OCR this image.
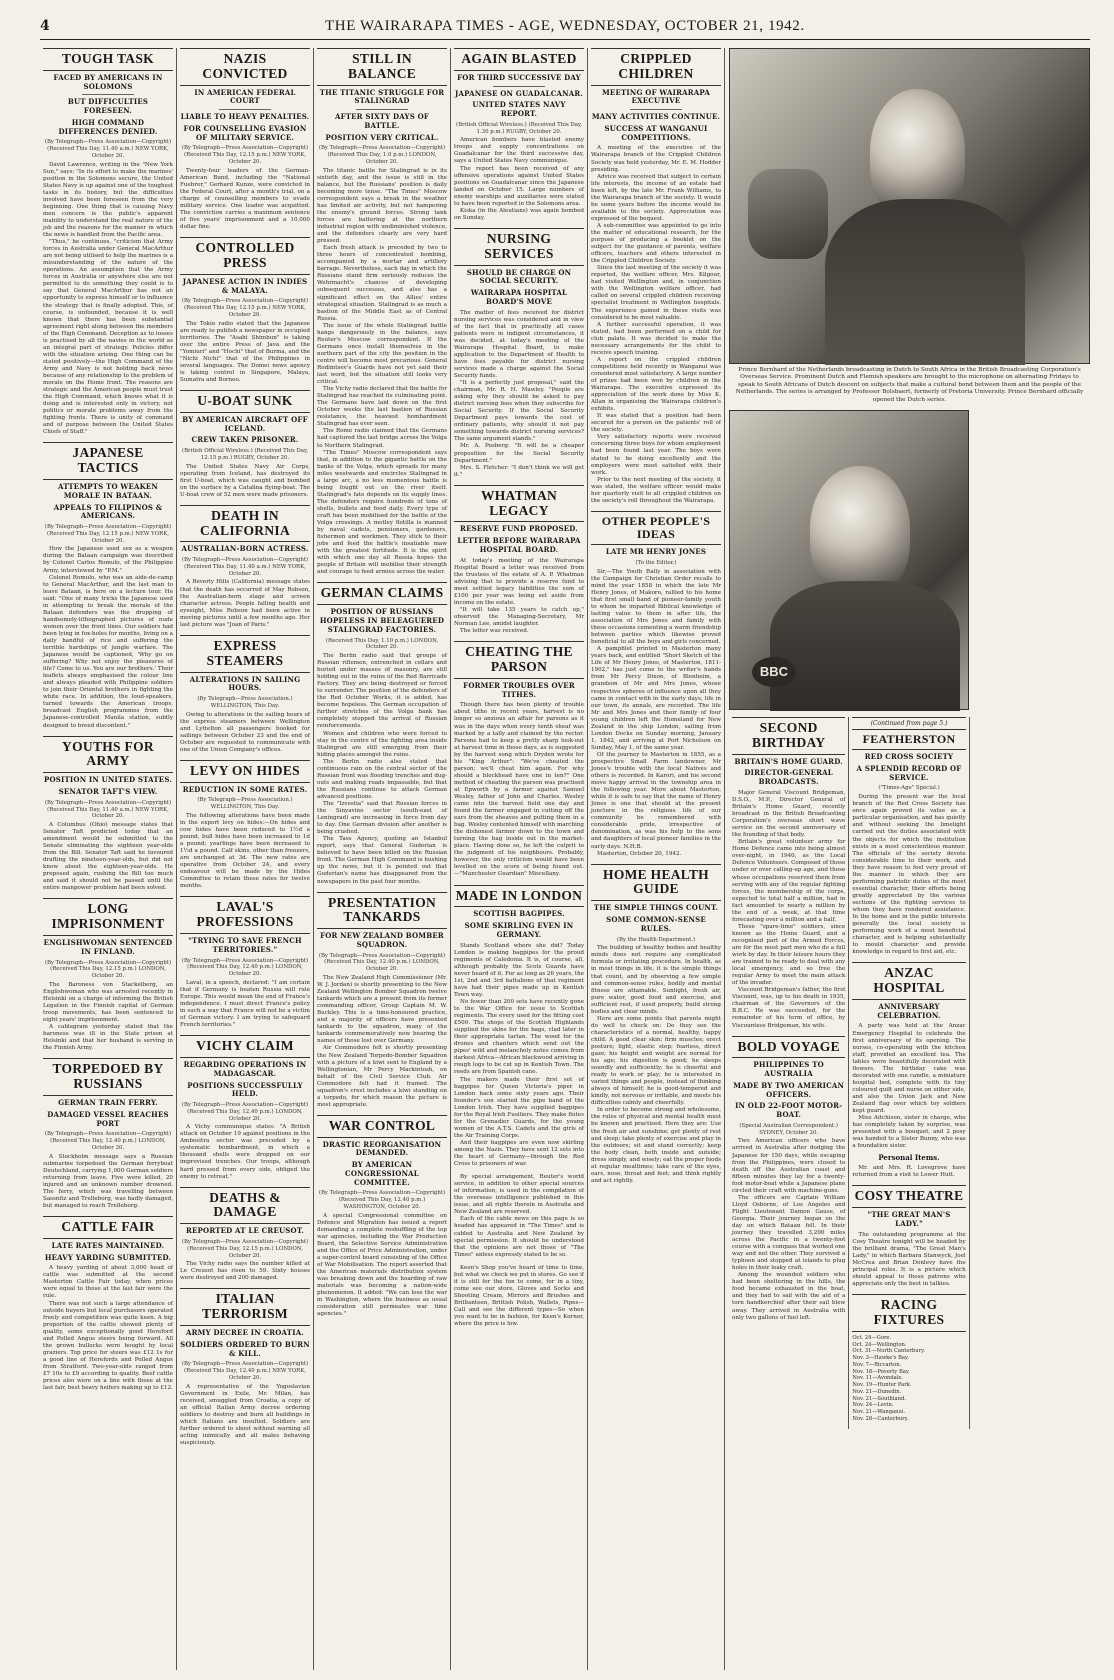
4	THE WAIRARAPA TIMES - AGE, WEDNESDAY, OCTOBER 21, 1942.
TOUGH TASK
FACED BY AMERICANS IN SOLOMONS
BUT DIFFICULTIES FORESEEN.
HIGH COMMAND DIFFERENCES DENIED.
(By Telegraph—Press Association—Copyright) (Received This Day, 11.40 a.m.) NEW YORK, October 20.

David Lawrence, writing in the "New York Sun," says: "In its effort to make the marines' position in the Solomons secure, the United States Navy is up against one of the toughest tasks in its history, but the difficulties involved have been foreseen from the very beginning. One thing that is causing Navy men concern is the public's apparent inability to understand the real nature of the job and the reasons for the manner in which the news is handled from the Pacific area.

"Thus," he continues, "criticism that Army forces in Australia under General MacArthur are not being utilised to help the marines is a misunderstanding of the nature of the operations. An assumption that the Army forces in Australia or anywhere else are not permitted to do something they could is to say that General MacArthur has not an opportunity to express himself or to influence the strategy that is finally adopted. This, of course, is unfounded, because it is well known that there has been substantial agreement right along between the members of the High Command. Deception as to losses is practised by all the navies in the world as an integral part of strategy. Policies differ with the situation arising. One thing can be stated positively—the High Command of the Army and Navy is not holding back news because of any relationship to the problem of morale on the Home front. The reasons are strategic and the American people must trust the High Command, which knows what it is doing and is interested only in victory, not politics or morale problems away from the fighting fronts. There is unity of command and of purpose between the United States Chiefs of Staff."

JAPANESE TACTICS
ATTEMPTS TO WEAKEN MORALE IN BATAAN.
APPEALS TO FILIPINOS & AMERICANS.
(By Telegraph—Press Association—Copyright) (Received This Day, 12.15 p.m.) NEW YORK, October 20.

How the Japanese used sex as a weapon during the Bataan campaign was described by Colonel Carlos Romulo, of the Philippine Army, interviewed by "P.M."

Colonel Romulo, who was an aide-de-camp to General MacArthur, and the last man to leave Bataan, is here on a lecture tour. He said: "One of many tricks the Japanese used in attempting to break the morale of the Bataan defenders was the dropping of handsomely-lithographed pictures of nude women over the front lines. Our soldiers had been lying in fox-holes for months, living on a daily handful of rice and suffering the terrible hardships of jungle warfare. The Japanese would be captioned, 'Why go on suffering? Why not enjoy the pleasures of life? Come to us. You are our brothers.' Their leaflets always emphasised the colour line and always pleaded with Philippine soldiers to join their Oriental brothers in fighting the white race. In addition, the loud-speakers, turned towards the American troops, broadcast English programmes from the Japanese-controlled Manila station, subtly designed to breed discontent."

YOUTHS FOR ARMY
POSITION IN UNITED STATES.
SENATOR TAFT'S VIEW.
(By Telegraph—Press Association—Copyright) (Received This Day, 11.40 a.m.) NEW YORK, October 20.

A Columbus (Ohio) message states that Senator Taft predicted today that an amendment would be submitted to the Senate eliminating the eighteen year-olds from the Bill. Senator Taft said he favoured drafting the nineteen-year-olds, but did not know about the eighteen-year-olds. He proposed again, rushing the Bill too much and said it should not be passed until the entire manpower problem had been solved.

LONG IMPRISONMENT
ENGLISHWOMAN SENTENCED IN FINLAND.
(By Telegraph—Press Association—Copyright) (Received This Day, 12.15 p.m.) LONDON, October 20.

The Baroness von Stackelberg, an Englishwoman who was arrested recently in Helsinki on a charge of informing the British Legation in the Finnish capital of German troop movements, has been sentenced to eight years' imprisonment.

A cablegram yesterday stated that the baroness was ill in the State prison at Helsinki and that her husband is serving in the Finnish Army.

TORPEDOED BY RUSSIANS
GERMAN TRAIN FERRY.
DAMAGED VESSEL REACHES PORT
(By Telegraph—Press Association—Copyright) (Received This Day, 12.40 p.m.) LONDON, October 20.

A Stockholm message says a Russian submarine torpedoed the German ferryboat Deutschland, carrying 1,000 German soldiers returning from leave. Five were killed, 20 injured and an unknown number drowned. The ferry, which was travelling between Sassnitz and Trelleborg, was badly damaged, but managed to reach Trelleborg.

CATTLE FAIR
LATE RATES MAINTAINED.
HEAVY YARDING SUBMITTED.

A heavy yarding of about 3,000 head of cattle was submitted at the second Masterton Cattle Fair today, when prices were equal to those at the last fair were the rule.

There was not such a large attendance of outside buyers but local purchasers operated freely and competition was quite keen. A big proportion of the cattle showed plenty of quality, some exceptionally good Hereford and Polled Angus steers being forward. All the grown bullocks were bought by local graziers. Top price for steers was £12 1s for a good line of Herefords and Polled Angus from Stratford. Two-year-olds ranged from £7 10s to £9 according to quality. Beef cattle prices also were on a line with those at the last fair, best heavy heifers making up to £12.

NAZIS CONVICTED
IN AMERICAN FEDERAL COURT
LIABLE TO HEAVY PENALTIES.
FOR COUNSELLING EVASION OF MILITARY SERVICE.
(By Telegraph—Press Association—Copyright) (Received This Day, 12.15 p.m.) NEW YORK, October 20.

Twenty-four leaders of the German-American Bund, including the "National Fuehrer," Gerhard Kunze, were convicted in the Federal Court, after a month's trial, on a charge of counselling members to evade military service. One leader was acquitted. The conviction carries a maximum sentence of five years' imprisonment and a 10,000 dollar fine.

CONTROLLED PRESS
JAPANESE ACTION IN INDIES & MALAYA.
(By Telegraph—Press Association—Copyright) (Received This Day, 12.15 p.m.) NEW YORK, October 20.

The Tokio radio stated that the Japanese are ready to publish a newspaper in occupied territories. The "Asahi Shimbun" is taking over the entire Press of Java and the "Yomiuri" and "Hochi" that of Burma, and the "Nichi Nichi" that of the Philippines in several languages. The Domei news agency is taking control in Singapore, Malaya, Sumatra and Borneo.

U-BOAT SUNK
BY AMERICAN AIRCRAFT OFF ICELAND.
CREW TAKEN PRISONER.
(British Official Wireless.) (Received This Day, 12.15 p.m.) RUGBY, October 20.

The United States Navy Air Corps, operating from Iceland, has destroyed its first U-boat, which was caught and bombed on the surface by a Catalina flying-boat. The U-boat crew of 52 men were made prisoners.

DEATH IN CALIFORNIA
AUSTRALIAN-BORN ACTRESS.
(By Telegraph—Press Association—Copyright) (Received This Day, 11.40 a.m.) NEW YORK, October 20.

A Beverly Hills (California) message states that the death has occurred of May Robson, the Australian-born stage and screen character actress. People falling health and eyesight, Miss Robson had been active in moving pictures until a few months ago. Her last picture was "Joan of Paris."

EXPRESS STEAMERS
ALTERATIONS IN SAILING HOURS.
(By Telegraph—Press Association.) WELLINGTON, This Day.

Owing to alterations in the sailing hours of the express steamers between Wellington and Lyttelton all passengers booked for sailings between October 23 and the end of October are requested to communicate with one of the Union Company's offices.

LEVY ON HIDES
REDUCTION IN SOME RATES.
(By Telegraph—Press Association.) WELLINGTON, This Day.

The following alterations have been made in the export levy on hides:—On hides and cow hides have been reduced to 1½d a pound, bull hides have been increased to 1d a pound; yearlings have been increased to 1½d a pound. Calf skins, other than freezers, are unchanged at 3d. The new rates are operative from October 24, and every endeavour will be made by the Hides Committee to retain these rates for twelve months.

LAVAL'S PROFESSIONS
"TRYING TO SAVE FRENCH TERRITORIES."
(By Telegraph—Press Association—Copyright) (Received This Day, 12.40 p.m.) LONDON, October 20.

Laval, in a speech, declared: "I am certain that if Germany is beaten Russia will rule Europe. This would mean the end of France's independence. I must direct France's policy in such a way that France will not be a victim of German victory. I am trying to safeguard French territories."

VICHY CLAIM
REGARDING OPERATIONS IN MADAGASCAR.
POSITIONS SUCCESSFULLY HELD.
(By Telegraph—Press Association—Copyright) (Received This Day, 12.40 p.m.) LONDON, October 20.

A Vichy communique states: "A British attack on October 19 against positions in the Ambositra sector was preceded by a systematic bombardment, in which a thousand shells were dropped on our improvised trenches. Our troops, although hard pressed from every side, obliged the enemy to retreat."

DEATHS & DAMAGE
REPORTED AT LE CREUSOT.
(By Telegraph—Press Association—Copyright) (Received This Day, 12.15 p.m.) LONDON, October 20.

The Vichy radio says the number killed at Le Creusot has risen to 59. Sixty houses were destroyed and 200 damaged.

ITALIAN TERRORISM
ARMY DECREE IN CROATIA.
SOLDIERS ORDERED TO BURN & KILL.
(By Telegraph—Press Association—Copyright) (Received This Day, 12.40 p.m.) NEW YORK, October 20.

A representative of the Yugoslavian Government in Exile, Mr. Milan, has received, smuggled from Croatia, a copy of an official Italian Army decree ordering soldiers to destroy and burn all buildings in which Italians are insulted. Soldiers are further ordered to shoot without warning all acting inimically and all males behaving suspiciously.

STILL IN BALANCE
THE TITANIC STRUGGLE FOR STALINGRAD
AFTER SIXTY DAYS OF BATTLE.
POSITION VERY CRITICAL.
(By Telegraph—Press Association—Copyright) (Received This Day, 1.0 p.m.) LONDON, October 20.

The titanic battle for Stalingrad is in its sixtieth day, and the issue is still in the balance, but the Russians' position is daily becoming more tense. "The Times" Moscow correspondent says a break in the weather has limited air activity, but not hampering the enemy's ground forces. Strong tank forces are battering at the northern industrial region with undiminished violence, and the defenders clearly are very hard pressed.

Each fresh attack is preceded by two to three hours of concentrated bombing, accompanied by a mortar and artillery barrage. Nevertheless, each day in which the Russians stand firm seriously reduces the Wehrmacht's chances of developing subsequent successes, and also has a significant effect on the Allies' entire strategical situation. Stalingrad is as much a bastion of the Middle East as of Central Russia.

The issue of the whole Stalingrad battle hangs dangerously in the balance, says Reuter's Moscow correspondent. If the Germans once install themselves in the northern part of the city the position in the centre will become most precarious. General Rodimtsev's Guards have not yet said their last word, but the situation still looks very critical.

The Vichy radio declared that the battle for Stalingrad has reached its culminating point. The Germans have laid down on the first October weeks the last bastion of Russian resistance, the heaviest bombardment Stalingrad has ever seen.

The Rome radio claimed that the Germans had captured the last bridge across the Volga to Northern Stalingrad.

"The Times" Moscow correspondent says that, in addition to the gigantic battle on the banks of the Volga, which spreads for many miles westwards and encircles Stalingrad in a large arc, a no less momentous battle is being fought out on the river itself. Stalingrad's fate depends on its supply lines. The defenders require hundreds of tons of shells, bullets and food daily. Every type of craft has been mobilised for the battle of the Volga crossings. A motley flotilla is manned by naval cadets, pensioners, gardeners, fishermen and workmen. They stick to their jobs and feed the battle's insatiable maw with the greatest fortitude. It is the spirit with which one day all Russia hopes the people of Britain will mobilise their strength and courage to feed armies across the water.

GERMAN CLAIMS
POSITION OF RUSSIANS HOPELESS IN BELEAGUERED STALINGRAD FACTORIES.
(Received This Day, 1.10 p.m.) LONDON, October 20.

The Berlin radio said that groups of Russian riflemen, entrenched in cellars and buried under masses of masonry, are still holding out in the ruins of the Red Barricade Factory. They are being destroyed or forced to surrender. The position of the defenders of the Red October Works, it is added, has become hopeless. The German occupation of further stretches of the Volga bank has completely stopped the arrival of Russian reinforcements.

Women and children who were forced to stay in the centre of the fighting area inside Stalingrad are still emerging from their hiding places amongst the ruins.

The Berlin radio also stated that continuous rain on the central sector of the Russian front was flooding trenches and dug-outs and making roads impassable, but that the Russians continue to attack German advanced positions.

The "Izvestia" said that Russian forces in the Sinyavino sector (south-east of Leningrad) are increasing in force from day to day. One German division after another is being crushed.

The Tass Agency, quoting an Istanbul report, says that General Guderian is believed to have been killed on the Russian front. The German High Command is hushing up the news, but it is pointed out that Guderian's name has disappeared from the newspapers in the past four months.

PRESENTATION TANKARDS
FOR NEW ZEALAND BOMBER SQUADRON.
(By Telegraph—Press Association—Copyright) (Received This Day, 12.40 p.m.) LONDON, October 20.

The New Zealand High Commissioner (Mr. W. J. Jordan) is shortly presenting to the New Zealand Wellington Bomber Squadron twelve tankards which are a present from its former commanding officer, Group Captain M. W. Buckley. This is a time-honoured practice, and a majority of officers have presented tankards to the squadron, many of the tankards commemoratively now bearing the names of those lost over Germany.

Air Commodore felt is shortly presenting the New Zealand Torpedo-Bomber Squadron with a picture of a kiwi sent to England by a Wellingtonian, Mr Percy Mackintosh, on behalf of the Civil Service Club. Air Commodore felt had it framed. The squadron's crest includes a kiwi standing on a torpedo, for which reason the picture is most appropriate.

WAR CONTROL
DRASTIC REORGANISATION DEMANDED.
BY AMERICAN CONGRESSIONAL COMMITTEE.
(By Telegraph—Press Association—Copyright) (Received This Day, 12.40 p.m.) WASHINGTON, October 20.

A special Congressional committee on Defence and Migration has issued a report demanding a complete reshuffling of the top war agencies, including the War Production Board, the Selective Service Administration and the Office of Price Administration, under a super-control board consisting of the Office of War Mobilisation. The report asserted that the American materials distribution system was breaking down and the hoarding of raw materials was becoming a nation-wide phenomenon. It added: "We can lose the war in Washington, where the business as usual consideration still permeates war time agencies."

AGAIN BLASTED
FOR THIRD SUCCESSIVE DAY
JAPANESE ON GUADALCANAR.
UNITED STATES NAVY REPORT.
(British Official Wireless.) (Received This Day, 1.30 p.m.) RUGBY, October 20.

American bombers have blasted enemy troops and supply concentrations on Guadalcanar for the third successive day, says a United States Navy communique.

The report has been received of any offensive operations against United States positions on Guadalcanar since the Japanese landed on October 15. Large numbers of enemy warships and auxiliaries were stated to have been reported in the Solomons area.

Kiska (in the Aleutians) was again bombed on Sunday.

NURSING SERVICES
SHOULD BE CHARGE ON SOCIAL SECURITY.
WAIRARAPA HOSPITAL BOARD'S MOVE

The matter of fees received for district nursing services was considered and in view of the fact that in practically all cases patients were in indigent circumstances, it was decided, at today's meeting of the Wairarapa Hospital Board, to make application to the Department of Health to have fees payable for district nursing services made a charge against the Social Security funds.

"It is a perfectly just proposal," said the chairman, Mr. R. H. Mawley. "People are asking why they should be asked to pay district nursing fees when they subscribe for Social Security. If the Social Security Department pays towards the cost of ordinary patients, why should it not pay something towards district nursing services? The same argument stands."

Mr. A. Posberg: "It will be a cheaper proposition for the Social Security Department."

Mrs. S. Fletcher: "I don't think we will get it."

WHATMAN LEGACY
RESERVE FUND PROPOSED.
LETTER BEFORE WAIRARAPA HOSPITAL BOARD.

At today's meeting of the Wairarapa Hospital Board a letter was received from the trustees of the estate of A. P. Whatman advising that to provide a reserve fund to meet settled legacy liabilities the sum of £100 per year was being set aside from income on the estate.

"It will take 135 years to catch up," observed the Managing-Secretary, Mr Norman Lee, amidst laughter.

The letter was received.

CHEATING THE PARSON
FORMER TROUBLES OVER TITHES.

Though there has been plenty of trouble about tithe in recent years, harvest is no longer so anxious an affair for parsons as it was in the days when every tenth sheaf was marked by a tally and claimed by the rector. Parsons had to keep a pretty sharp look-out at harvest time in those days, as is suggested by the harvest song which Dryden wrote for his "King Arthur": "We've cheated the parson; we'll cheat him again. For why should a blockhead have one in ten?" One method of cheating the parson was practised at Epworth by a farmer against Samuel Wesley, father of John and Charles. Wesley came into the harvest field one day and found the farmer engaged in cutting off the ears from the sheaves and putting them in a bag. Wesley contented himself with marching the dishonest farmer down to the town and turning the bag inside out in the market-place. Having done so, he left the culprit to the judgment of his neighbours. Probably, however, the only criticism would have been levelled on the score of being found out.—"Manchester Guardian" Miscellany.

MADE IN LONDON
SCOTTISH BAGPIPES.
SOME SKIRLING EVEN IN GERMANY.

Stands Scotland where she did? Today London is making bagpipes for the proud regiments of Caledonia. It is, of course, all, although probably the Scots Guards have never heard of it. For as long as 26 years, the 1st, 2nd and 3rd battalions of that regiment have had their pipes made up in Kentish Town way.

No fewer than 200 sets have recently gone to the War Office for issue to Scottish regiments. The every used for the fitting cost £500. The shops of the Scottish Highlands supplied the skins for the bags, clad later in their appropriate tartan. The wood for the drones and chanters which send out the pipes' wild and melancholy notes comes from darkest Africa—African blackwood arriving in rough logs to be cut up in Kentish Town. The reeds are from Spanish cane.

The makers made their first set of bagpipes for Queen Victoria's piper in London back some sixty years ago. Their founder's son started the pipe band of the London Irish. They have supplied bagpipes for the Royal Irish Fusiliers. They make flutes for the Grenadier Guards, for the young women of the A.T.S. Cadets and the girls of the Air Training Corps.

And their bagpipes are even now skirling among the Nazis. They have sent 12 sets into the heart of Germany—through the Red Cross to prisoners of war.

By special arrangement, Reuter's world service, in addition to other special sources of information, is used in the compilation of the overseas intelligence published in this issue, and all rights therein in Australia and New Zealand are reserved.

Each of the cable news on this page is so headed has appeared in "The Times" and is cabled to Australia and New Zealand by special permission. It should be understood that the opinions are not those of "The Times" unless expressly stated to be so.

Keen's Shop you've heard of time to time, but what we check we put in stores. Go see if it is still for the fun to come, for in a tiny, come see our store, Gloves and Socks and Shooting Cream, Mirrors and Brushes and Brillianteen, Brittish Polish, Wallets, Pipes—Call and see the different types—So when you want to be in fashion, for Keen's Korner, where the price is low.

CRIPPLED CHILDREN
MEETING OF WAIRARAPA EXECUTIVE
MANY ACTIVITIES CONTINUE.
SUCCESS AT WANGANUI COMPETITIONS.

A meeting of the executive of the Wairarapa branch of the Crippled Children Society was held yesterday, Mr. E. M. Hodder presiding.

Advice was received that subject to certain life interests, the income of an estate had been left, by the late Mr. Frank Williams, to the Wairarapa branch of the society. It would be some years before the income would be available to the society. Appreciation was expressed of the bequest.

A sub-committee was appointed to go into the matter of educational research, for the purpose of producing a booklet on the subject for the guidance of parents, welfare officers, teachers and others interested in the Crippled Children Society.

Since the last meeting of the society it was reported, the welfare officer, Mrs. Kilgour, had visited Wellington and, in conjunction with the Wellington welfare officer, had called on several crippled children receiving specialist treatment in Wellington hospitals. The experience gained in these visits was considered to be most valuable.

A further successful operation, it was stated, had been performed on a child for club palate. It was decided to make the necessary arrangements for the child to receive speech training.

A report on the crippled children competitions held recently in Wanganui was considered most satisfactory. A large number of prizes had been won by children in the Wairarapa. The executive expressed its appreciation of the work done by Miss K. Allan in organising the Wairarapa children's exhibits.

It was stated that a position had been secured for a person on the patients' roll of the society.

Very satisfactory reports were received concerning three boys for whom employment had been found last year. The boys were stated to be doing excellently and the employers were most satisfied with their work.

Prior to the next meeting of the society, it was stated, the welfare officer would make her quarterly visit to all crippled children on the society's roll throughout the Wairarapa.

OTHER PEOPLE'S IDEAS
LATE MR HENRY JONES
(To the Editor.)

Sir,—The Youth Rally in association with the Campaign for Christian Order recalls to mind the year 1858 in which the late Mr Henry Jones, of Makoro, rallied to his home that first small band of pioneer-family youth to whom he imparted Biblical knowledge of lasting value to them in after life, the association of Mrs Jones and family with these occasions cementing a warm friendship between parties which likewise proved beneficial to all the boys and girls concerned.

A pamphlet printed in Masterton many years back, and entitled "Short Sketch of the Life of Mr Henry Jones, of Masterton, 1811-1902," has just come to the writer's hands from Mr Percy Dixon, of Blenheim, a grandson of Mr and Mrs Jones, whose respective spheres of influence upon all they came in contact with in the early days, life in our town, its annals, are recorded. The life Mr and Mrs Jones and their family of four young children left the Homeland for New Zealand in the ship London, sailing from London Docks on Sunday morning, January 1, 1842, and arriving at Port Nicholson on Sunday, May 1, of the same year.

Of the journey to Masterton in 1855, as a prospective Small Farm landowner, Mr Jones's trouble with the local Natives and others is recorded. In Karori, and his second move happy arrival in the township area in the following year. More about Masterton, while it is safe to say that the name of Henry Jones is one that should at the present juncture in the religious life of our community be remembered with considerable pride, irrespective of denomination, as was his help to the sons and daughters of local pioneer families in the early days. N.H.B.

Masterton, October 20, 1942.

HOME HEALTH GUIDE
THE SIMPLE THINGS COUNT.
SOME COMMON-SENSE RULES.
(By the Health Department.)

The building of healthy bodies and healthy minds does not require any complicated formula or irritating procedure. In health, as in most things in life, it is the simple things that count, and by observing a few simple and common-sense rules, bodily and mental fitness are attainable. Sunlight, fresh air, pure water, good food and exercise, and sufficient rest, if used properly, build strong bodies and clear minds.

Here are some points that parents might do well to check on: Do they see the characteristics of a normal, healthy, happy child. A good clear skin; firm muscles; erect posture; light, elastic step; fearless, direct gaze; his height and weight are normal for his age; his digestion is good; he sleeps soundly and sufficiently; he is cheerful and ready to work or play; he is interested in varied things and people, instead of thinking always of himself; he is good-tempered and kindly, not nervous or irritable, and meets his difficulties calmly and cheerfully.

In order to become strong and wholesome, the rules of physical and mental health must be known and practised. Here they are: Use the fresh air and sunshine; get plenty of rest and sleep; take plenty of exercise and play in the outdoors; sit and stand correctly; keep the body clean, both inside and outside; dress simply, and wisely; eat the proper foods at regular mealtimes; take care of the eyes, ears, nose, throat and feet; and think rightly and act rightly.

Prince Bernhard of the Netherlands broadcasting in Dutch to South Africa in the British Broadcasting Corporation's Overseas Service. Prominent Dutch and Flemish speakers are brought to the microphone on alternating Fridays to speak to South Africans of Dutch descent on subjects that make a cultural bond between them and the people of the Netherlands. The series is arranged by Professor Bolsbaert, formerly of Pretoria University. Prince Bernhard officially opened the Dutch series.
BBC
SECOND BIRTHDAY
BRITAIN'S HOME GUARD.
DIRECTOR-GENERAL BROADCASTS.

Major General Viscount Bridgeman, D.S.O., M.P., Director General of Britain's Home Guard, recently broadcast in the British Broadcasting Corporation's overseas short wave service on the second anniversary of the founding of that body.

Britain's great volunteer army for Home Defence came into being almost over-night, in 1940, as the Local Defence Volunteers. Composed of those under or over calling-up age, and those whose occupations reserved them from serving with any of the regular fighting forces, the membership of the corps, expected to total half a million, had in fact amounted to nearly a million by the end of a week, at that time forecasting over a million and a half.

These "spare-time" soldiers, since known as the Home Guard, and a recognised part of the Armed Forces, are for the most part men who do a full work by day. In their leisure hours they are trained to be ready to deal with any local emergency, and so free the regular Army to meet the main attack of the invader.

Viscount Bridgeman's father, the first Viscount, was, up to his death in 1935, chairman of the Governors of the B.B.C. He was succeeded, for the remainder of his term of office, by Viscountess Bridgeman, his wife.

BOLD VOYAGE
PHILIPPINES TO AUSTRALIA
MADE BY TWO AMERICAN OFFICERS.
IN OLD 22-FOOT MOTOR-BOAT.
(Special Australian Correspondent.) SYDNEY, October 20.

Two American officers who have arrived in Australia after dodging the Japanese for 150 days, while escaping from the Philippines, were closed to death off the Australian coast and fifteen minutes they lay for a twenty-foot motor-boat while a Japanese plane circled their craft with machine-guns.

The officers are Captain William Lloyd Osborne, of Los Angeles and Flight Lieutenant Damon Gause, of Georgia. Their journey began on the day on which Bataan fell. In their journey they travelled 3,200 miles across the Pacific in a twenty-foot course with a compass that worked one way and not the other. They survived a typhoon and stopped at islands to plug holes in their leaky craft.

Among the wounded soldiers who had been sheltering in the hills, the food became exhausted in the boat, and they had to sail with the aid of a torn handkerchief after their sail blew away. They arrived in Australia with only two gallons of fuel left.

(Continued from page 5.)
FEATHERSTON
RED CROSS SOCIETY
A SPLENDID RECORD OF SERVICE.
("Times-Age" Special.)

During the present war the local branch of the Red Cross Society has once again proved its value as a particular organisation, and has quietly and without seeking the limelight carried out the duties associated with the objects for which the institution exists in a most conscientious manner. The officials of the society devote considerable time to their work, and they have reason to feel very proud of the manner in which they are performing patriotic duties of the most essential character, their efforts being greatly appreciated by the various sections of the fighting services to whom they have rendered assistance. In the home and in the public interests generally the local society is performing work of a most beneficial character, and is helping substantially to mould character and provide knowledge in regard to first aid, etc.

ANZAC HOSPITAL
ANNIVERSARY CELEBRATION.

A party was held at the Anzac Emergency Hospital to celebrate the first anniversary of its opening. The nurses, co-operating with the kitchen staff, provided an excellent tea. The tables were beautifully decorated with flowers. The birthday cake was decorated with one candle, a miniature hospital bed, complete with its tiny coloured quilt and nurse on either side, and also the Union Jack and New Zealand flag over which toy soldiers kept guard.

Miss Aitchison, sister in charge, who has completely taken by surprise, was presented with a bouquet, and 2 posy was handed to a Sister Bunny, who was a foundation sister.

Personal Items.

Mr. and Mrs. R. Lovegrove have returned from a visit to Lower Hutt.

COSY THEATRE
"THE GREAT MAN'S LADY."

The outstanding programme at the Cosy Theatre tonight will be headed by the brilliant drama, "The Great Man's Lady," in which Barbara Stanwyck, Joel McCrea and Brian Donlevy have the principal roles. It is a picture which should appeal to those patrons who appreciate only the best in talkies.

RACING FIXTURES

Oct. 24—Gore.

Oct. 24—Wellington.

Oct. 31—North Canterbury.

Nov. 3—Hawke's Bay.

Nov. 7—Riccarton.

Nov. 18—Poverty Bay.

Nov. 11—Avondale.

Nov. 19—Hunter Park.

Nov. 21—Dunedin.

Nov. 21—Southland.

Nov. 24—Levin.

Nov. 21—Wanganui.

Nov. 28—Canterbury.
